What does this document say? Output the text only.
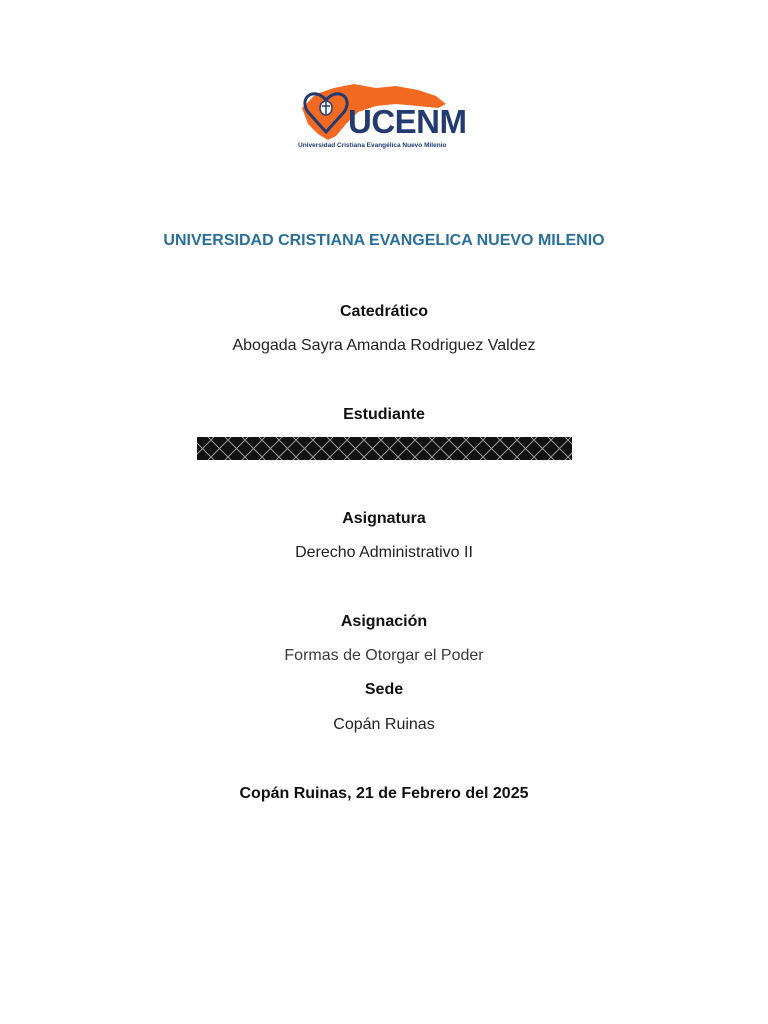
UCENM
Universidad Cristiana Evangélica Nuevo Milenio
UNIVERSIDAD CRISTIANA EVANGELICA NUEVO MILENIO
Catedrático
Abogada Sayra Amanda Rodriguez Valdez
Estudiante
Asignatura
Derecho Administrativo II
Asignación
Formas de Otorgar el Poder
Sede
Copán Ruinas
Copán Ruinas, 21 de Febrero del 2025
